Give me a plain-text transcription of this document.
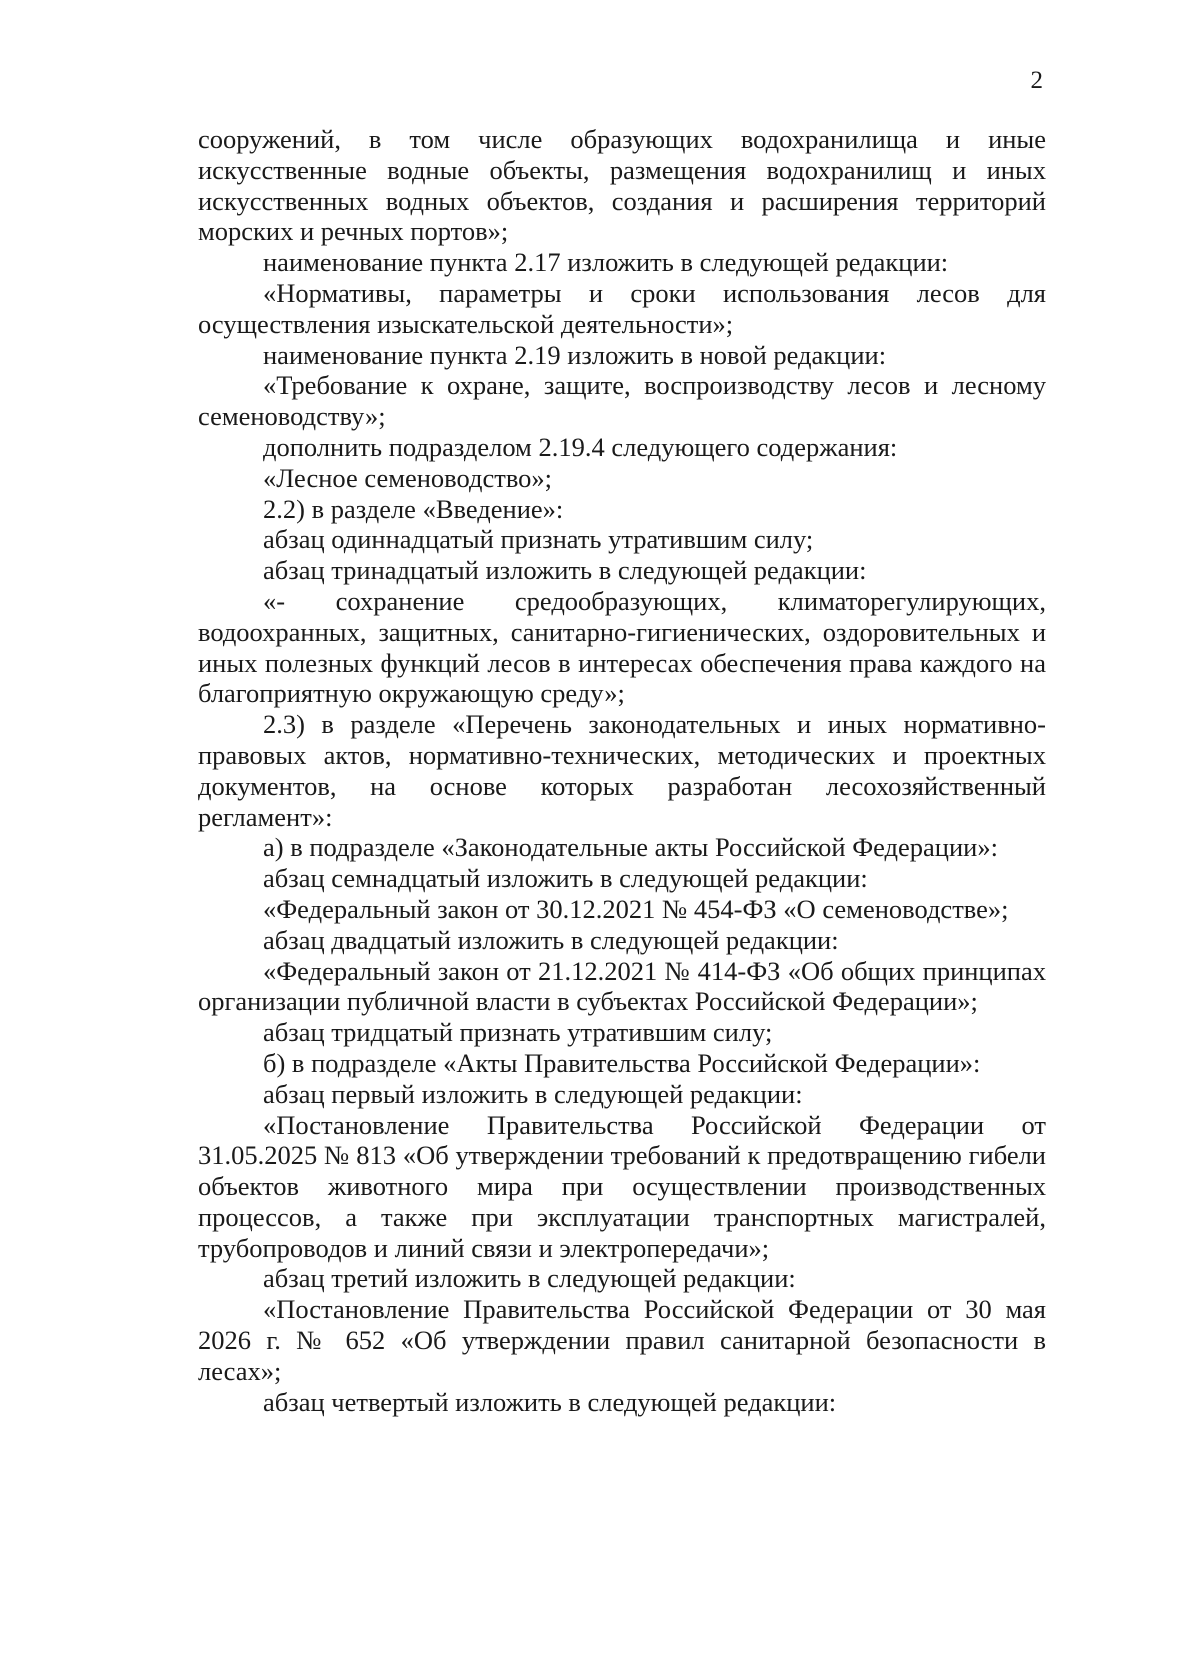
2

сооружений, в том числе образующих водохранилища и иные искусственные водные объекты, размещения водохранилищ и иных искусственных водных объектов, создания и расширения территорий морских и речных портов»;

наименование пункта 2.17 изложить в следующей редакции:

«Нормативы, параметры и сроки использования лесов для осуществления изыскательской деятельности»;

наименование пункта 2.19 изложить в новой редакции:

«Требование к охране, защите, воспроизводству лесов и лесному семеноводству»;

дополнить подразделом 2.19.4 следующего содержания:

«Лесное семеноводство»;

2.2) в разделе «Введение»:

абзац одиннадцатый признать утратившим силу;

абзац тринадцатый изложить в следующей редакции:

«- сохранение средообразующих, климаторегулирующих, водоохранных, защитных, санитарно-гигиенических, оздоровительных и иных полезных функций лесов в интересах обеспечения права каждого на благоприятную окружающую среду»;

2.3) в разделе «Перечень законодательных и иных нормативно-правовых актов, нормативно-технических, методических и проектных документов, на основе которых разработан лесохозяйственный регламент»:

а) в подразделе «Законодательные акты Российской Федерации»:

абзац семнадцатый изложить в следующей редакции:

«Федеральный закон от 30.12.2021 № 454-ФЗ «О семеноводстве»;

абзац двадцатый изложить в следующей редакции:

«Федеральный закон от 21.12.2021 № 414-ФЗ «Об общих принципах организации публичной власти в субъектах Российской Федерации»;

абзац тридцатый признать утратившим силу;

б) в подразделе «Акты Правительства Российской Федерации»:

абзац первый изложить в следующей редакции:

«Постановление Правительства Российской Федерации от 31.05.2025 № 813 «Об утверждении требований к предотвращению гибели объектов животного мира при осуществлении производственных процессов, а также при эксплуатации транспортных магистралей, трубопроводов и линий связи и электропередачи»;

абзац третий изложить в следующей редакции:

«Постановление Правительства Российской Федерации от 30 мая 2026 г. № 652 «Об утверждении правил санитарной безопасности в лесах»;

абзац четвертый изложить в следующей редакции:
